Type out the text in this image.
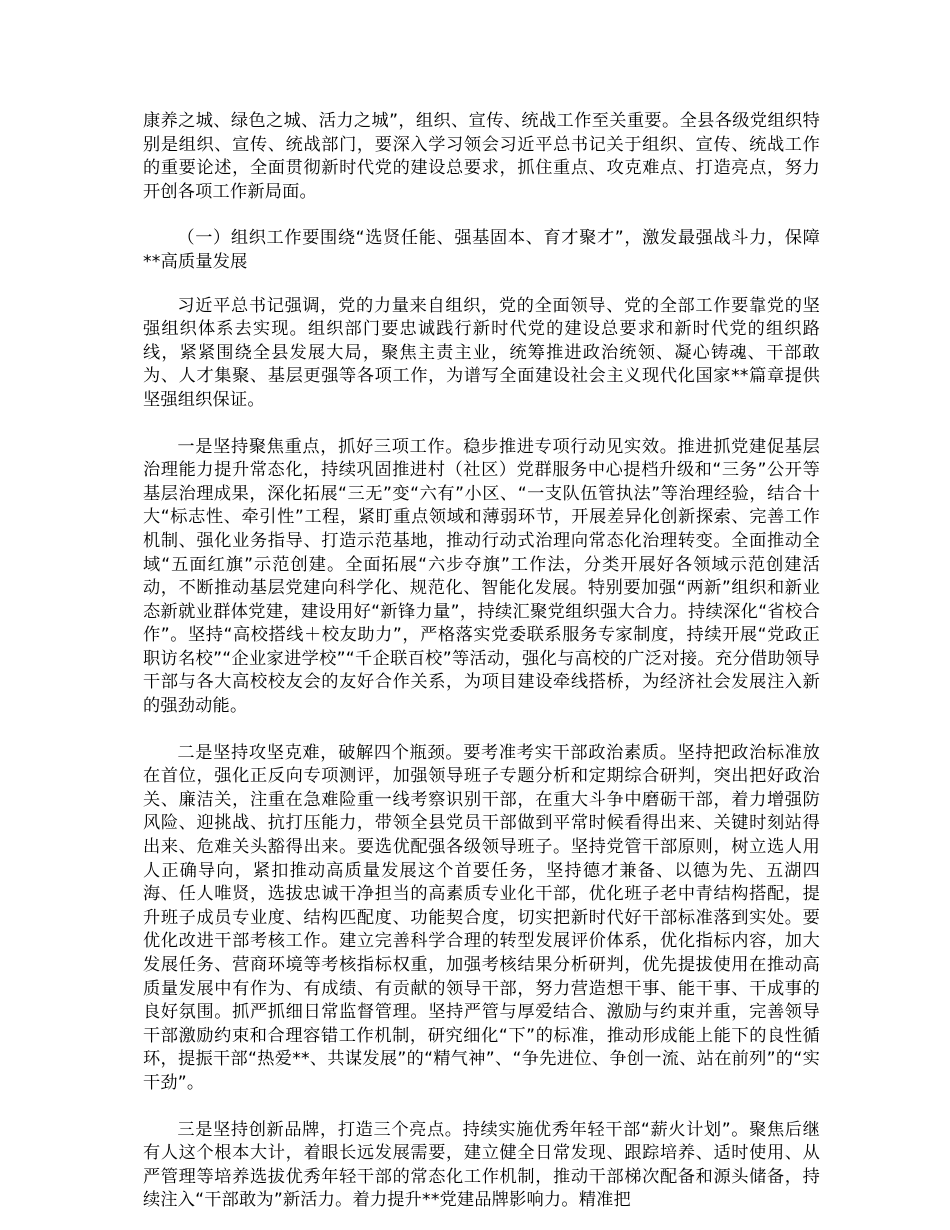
康养之城、绿色之城、活力之城”，组织、宣传、统战工作至关重要。全县各级党组织特别是组织、宣传、统战部门，要深入学习领会习近平总书记关于组织、宣传、统战工作的重要论述，全面贯彻新时代党的建设总要求，抓住重点、攻克难点、打造亮点，努力开创各项工作新局面。

（一）组织工作要围绕“选贤任能、强基固本、育才聚才”，激发最强战斗力，保障**高质量发展

习近平总书记强调，党的力量来自组织，党的全面领导、党的全部工作要靠党的坚强组织体系去实现。组织部门要忠诚践行新时代党的建设总要求和新时代党的组织路线，紧紧围绕全县发展大局，聚焦主责主业，统筹推进政治统领、凝心铸魂、干部敢为、人才集聚、基层更强等各项工作，为谱写全面建设社会主义现代化国家**篇章提供坚强组织保证。

一是坚持聚焦重点，抓好三项工作。稳步推进专项行动见实效。推进抓党建促基层治理能力提升常态化，持续巩固推进村（社区）党群服务中心提档升级和“三务”公开等基层治理成果，深化拓展“三无”变“六有”小区、“一支队伍管执法”等治理经验，结合十大“标志性、牵引性”工程，紧盯重点领域和薄弱环节，开展差异化创新探索、完善工作机制、强化业务指导、打造示范基地，推动行动式治理向常态化治理转变。全面推动全域“五面红旗”示范创建。全面拓展“六步夺旗”工作法，分类开展好各领域示范创建活动，不断推动基层党建向科学化、规范化、智能化发展。特别要加强“两新”组织和新业态新就业群体党建，建设用好“新锋力量”，持续汇聚党组织强大合力。持续深化“省校合作”。坚持“高校搭线＋校友助力”，严格落实党委联系服务专家制度，持续开展“党政正职访名校”“企业家进学校”“千企联百校”等活动，强化与高校的广泛对接。充分借助领导干部与各大高校校友会的友好合作关系，为项目建设牵线搭桥，为经济社会发展注入新的强劲动能。

二是坚持攻坚克难，破解四个瓶颈。要考准考实干部政治素质。坚持把政治标准放在首位，强化正反向专项测评，加强领导班子专题分析和定期综合研判，突出把好政治关、廉洁关，注重在急难险重一线考察识别干部，在重大斗争中磨砺干部，着力增强防风险、迎挑战、抗打压能力，带领全县党员干部做到平常时候看得出来、关键时刻站得出来、危难关头豁得出来。要选优配强各级领导班子。坚持党管干部原则，树立选人用人正确导向，紧扣推动高质量发展这个首要任务，坚持德才兼备、以德为先、五湖四海、任人唯贤，选拔忠诚干净担当的高素质专业化干部，优化班子老中青结构搭配，提升班子成员专业度、结构匹配度、功能契合度，切实把新时代好干部标准落到实处。要优化改进干部考核工作。建立完善科学合理的转型发展评价体系，优化指标内容，加大发展任务、营商环境等考核指标权重，加强考核结果分析研判，优先提拔使用在推动高质量发展中有作为、有成绩、有贡献的领导干部，努力营造想干事、能干事、干成事的良好氛围。抓严抓细日常监督管理。坚持严管与厚爱结合、激励与约束并重，完善领导干部激励约束和合理容错工作机制，研究细化“下”的标准，推动形成能上能下的良性循环，提振干部“热爱**、共谋发展”的“精气神”、“争先进位、争创一流、站在前列”的“实干劲”。

三是坚持创新品牌，打造三个亮点。持续实施优秀年轻干部“薪火计划”。聚焦后继有人这个根本大计，着眼长远发展需要，建立健全日常发现、跟踪培养、适时使用、从严管理等培养选拔优秀年轻干部的常态化工作机制，推动干部梯次配备和源头储备，持续注入“干部敢为”新活力。着力提升**党建品牌影响力。精准把
